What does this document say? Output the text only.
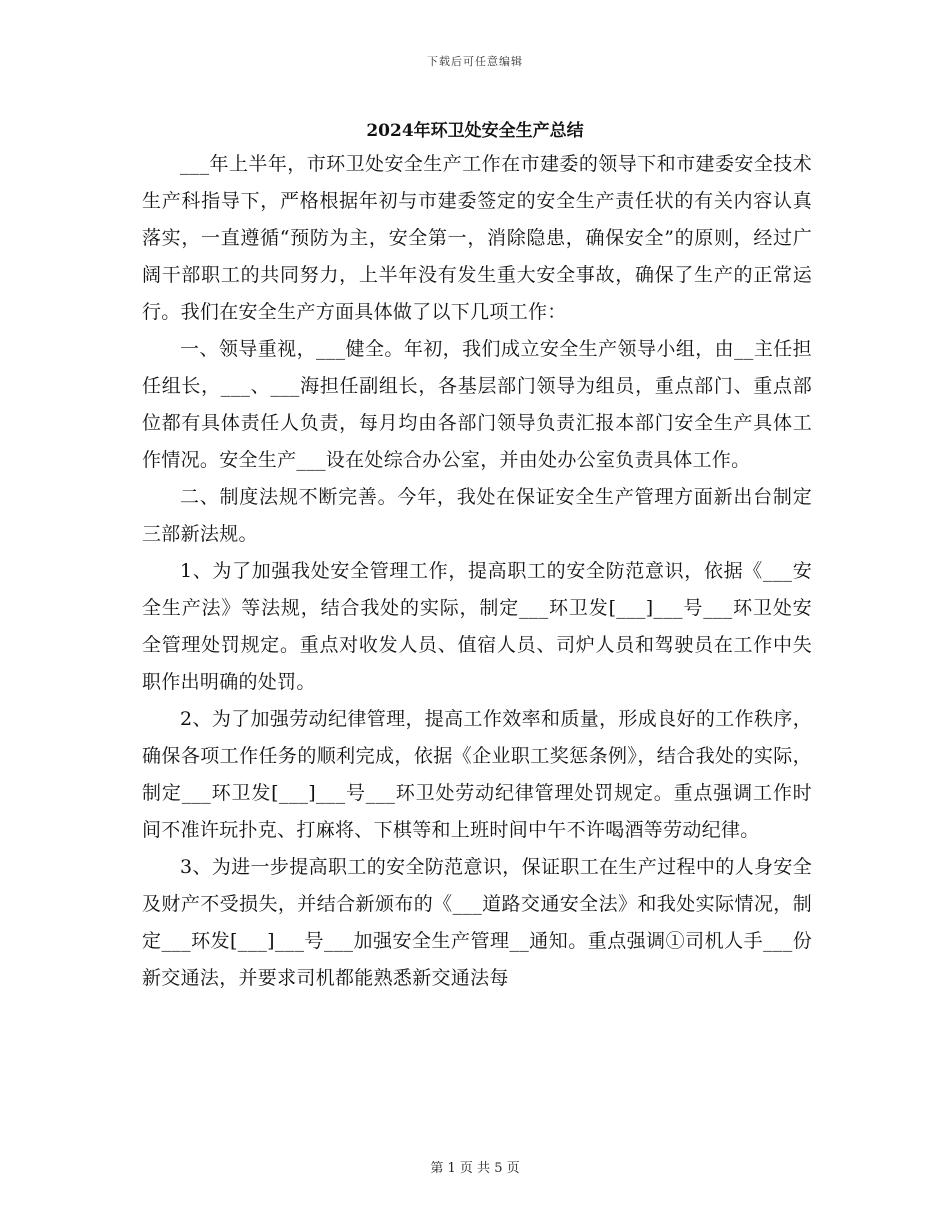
下载后可任意编辑
2024年环卫处安全生产总结

___年上半年，市环卫处安全生产工作在市建委的领导下和市建委安全技术生产科指导下，严格根据年初与市建委签定的安全生产责任状的有关内容认真落实，一直遵循“预防为主，安全第一，消除隐患，确保安全”的原则，经过广阔干部职工的共同努力，上半年没有发生重大安全事故，确保了生产的正常运行。我们在安全生产方面具体做了以下几项工作：

一、领导重视，___健全。年初，我们成立安全生产领导小组，由__主任担任组长，___、___海担任副组长，各基层部门领导为组员，重点部门、重点部位都有具体责任人负责，每月均由各部门领导负责汇报本部门安全生产具体工作情况。安全生产___设在处综合办公室，并由处办公室负责具体工作。

二、制度法规不断完善。今年，我处在保证安全生产管理方面新出台制定三部新法规。

1、为了加强我处安全管理工作，提高职工的安全防范意识，依据《___安全生产法》等法规，结合我处的实际，制定___环卫发[___]___号___环卫处安全管理处罚规定。重点对收发人员、值宿人员、司炉人员和驾驶员在工作中失职作出明确的处罚。

2、为了加强劳动纪律管理，提高工作效率和质量，形成良好的工作秩序，确保各项工作任务的顺利完成，依据《企业职工奖惩条例》，结合我处的实际，制定___环卫发[___]___号___环卫处劳动纪律管理处罚规定。重点强调工作时间不准许玩扑克、打麻将、下棋等和上班时间中午不许喝酒等劳动纪律。

3、为进一步提高职工的安全防范意识，保证职工在生产过程中的人身安全及财产不受损失，并结合新颁布的《___道路交通安全法》和我处实际情况，制定___环发[___]___号___加强安全生产管理__通知。重点强调①司机人手___份新交通法，并要求司机都能熟悉新交通法每

第 1 页 共 5 页
